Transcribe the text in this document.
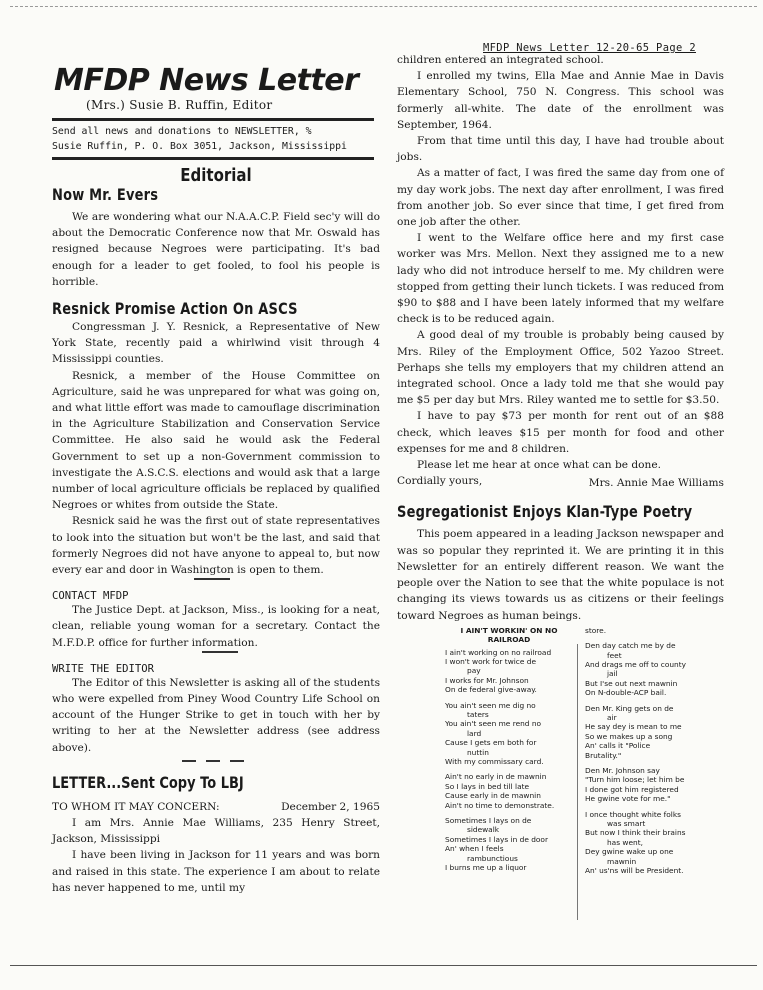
MFDP News Letter
(Mrs.) Susie B. Ruffin, Editor

Send all news and donations to NEWSLETTER, %

Susie Ruffin, P. O. Box 3051, Jackson, Mississippi

Editorial
Now Mr. Evers

We are wondering what our N.A.A.C.P. Field sec'y will do about the Democratic Conference now that Mr. Oswald has resigned because Negroes were participating. It's bad enough for a leader to get fooled, to fool his people is horrible.

Resnick Promise Action On ASCS

Congressman J. Y. Resnick, a Representative of New York State, recently paid a whirlwind visit through 4 Mississippi counties.

Resnick, a member of the House Committee on Agriculture, said he was unprepared for what was going on, and what little effort was made to camouflage discrimination in the Agriculture Stabilization and Conservation Service Committee. He also said he would ask the Federal Government to set up a non-Government commission to investigate the A.S.C.S. elections and would ask that a large number of local agriculture officials be replaced by qualified Negroes or whites from outside the State.

Resnick said he was the first out of state representatives to look into the situation but won't be the last, and said that formerly Negroes did not have anyone to appeal to, but now every ear and door in Washington is open to them.

CONTACT MFDP

The Justice Dept. at Jackson, Miss., is looking for a neat, clean, reliable young woman for a secretary. Contact the M.F.D.P. office for further information.

WRITE THE EDITOR

The Editor of this Newsletter is asking all of the students who were expelled from Piney Wood Country Life School on account of the Hunger Strike to get in touch with her by writing to her at the Newsletter address (see address above).

LETTER...Sent Copy To LBJ
TO WHOM IT MAY CONCERN:	December 2, 1965

I am Mrs. Annie Mae Williams, 235 Henry Street, Jackson, Mississippi

I have been living in Jackson for 11 years and was born and raised in this state. The experience I am about to relate has never happened to me, until my

MFDP News Letter 12-20-65 Page 2

children entered an integrated school.

I enrolled my twins, Ella Mae and Annie Mae in Davis Elementary School, 750 N. Congress. This school was formerly all-white. The date of the enrollment was September, 1964.

From that time until this day, I have had trouble about jobs.

As a matter of fact, I was fired the same day from one of my day work jobs. The next day after enrollment, I was fired from another job. So ever since that time, I get fired from one job after the other.

I went to the Welfare office here and my first case worker was Mrs. Mellon. Next they assigned me to a new lady who did not introduce herself to me. My children were stopped from getting their lunch tickets. I was reduced from $90 to $88 and I have been lately informed that my welfare check is to be reduced again.

A good deal of my trouble is probably being caused by Mrs. Riley of the Employment Office, 502 Yazoo Street. Perhaps she tells my employers that my children attend an integrated school. Once a lady told me that she would pay me $5 per day but Mrs. Riley wanted me to settle for $3.50.

I have to pay $73 per month for rent out of an $88 check, which leaves $15 per month for food and other expenses for me and 8 children.

Please let me hear at once what can be done.

Cordially yours,	Mrs. Annie Mae Williams

Segregationist Enjoys Klan-Type Poetry

This poem appeared in a leading Jackson newspaper and was so popular they reprinted it. We are printing it in this Newsletter for an entirely different reason. We want the people over the Nation to see that the white populace is not changing its views towards us as citizens or their feelings toward Negroes as human beings.

I AIN'T WORKIN' ON NO
RAILROAD
I ain't working on no railroad
I won't work for twice de
pay
I works for Mr. Johnson
On de federal give-away.
You ain't seen me dig no
taters
You ain't seen me rend no
lard
Cause I gets em both for
nuttin
With my commissary card.
Ain't no early in de mawnin
So I lays in bed till late
Cause early in de mawnin
Ain't no time to demonstrate.
Sometimes I lays on de
sidewalk
Sometimes I lays in de door
An' when I feels
rambunctious
I burns me up a liquor
store.
Den day catch me by de
feet
And drags me off to county
jail
But I'se out next mawnin
On N-double-ACP bail.
Den Mr. King gets on de
air
He say dey is mean to me
So we makes up a song
An' calls it "Police
Brutality."
Den Mr. Johnson say
"Turn him loose; let him be
I done got him registered
He gwine vote for me."
I once thought white folks
was smart
But now I think their brains
has went,
Dey gwine wake up one
mawnin
An' us'ns will be President.
